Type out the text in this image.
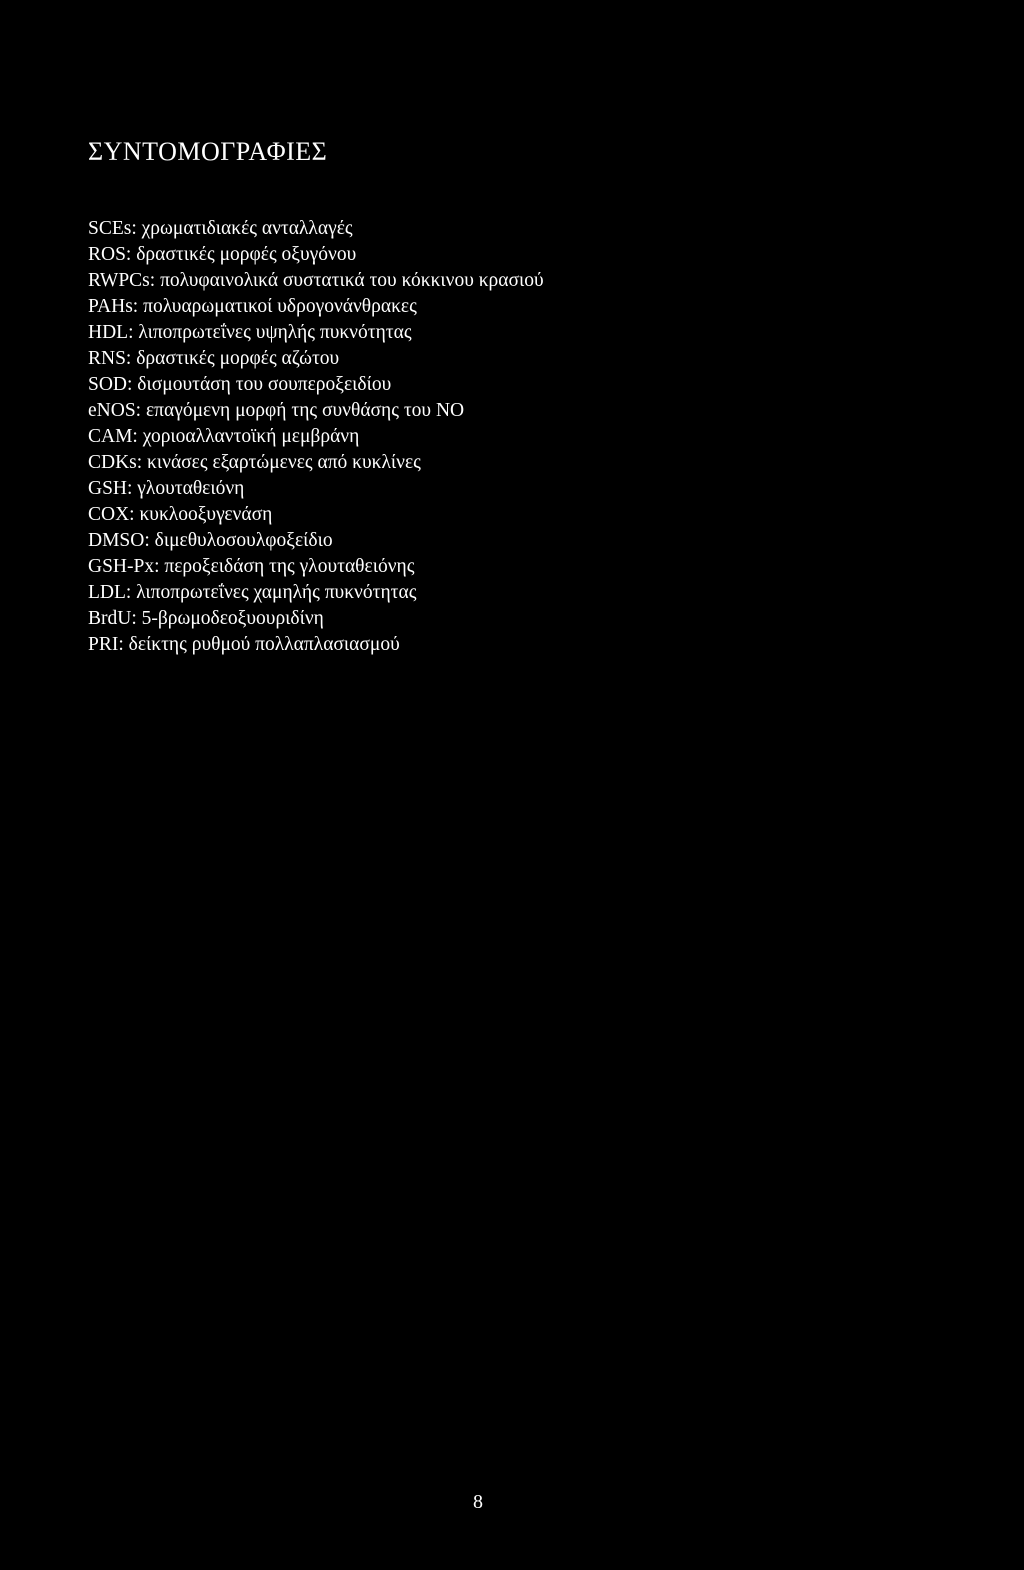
ΣΥΝΤΟΜΟΓΡΑΦΙΕΣ
SCEs: χρωματιδιακές ανταλλαγές
ROS: δραστικές μορφές οξυγόνου
RWPCs: πολυφαινολικά συστατικά του κόκκινου κρασιού
PAHs: πολυαρωματικοί υδρογονάνθρακες
HDL: λιποπρωτεΐνες υψηλής πυκνότητας
RNS: δραστικές μορφές αζώτου
SOD: δισμουτάση του σουπεροξειδίου
eNOS: επαγόμενη μορφή της συνθάσης του NO
CAM: χοριοαλλαντοϊκή μεμβράνη
CDKs: κινάσες εξαρτώμενες από κυκλίνες
GSH: γλουταθειόνη
COX: κυκλοοξυγενάση
DMSO: διμεθυλοσουλφοξείδιο
GSH-Px: περοξειδάση της γλουταθειόνης
LDL: λιποπρωτεΐνες χαμηλής πυκνότητας
BrdU: 5-βρωμοδεοξυουριδίνη
PRI: δείκτης ρυθμού πολλαπλασιασμού
8
